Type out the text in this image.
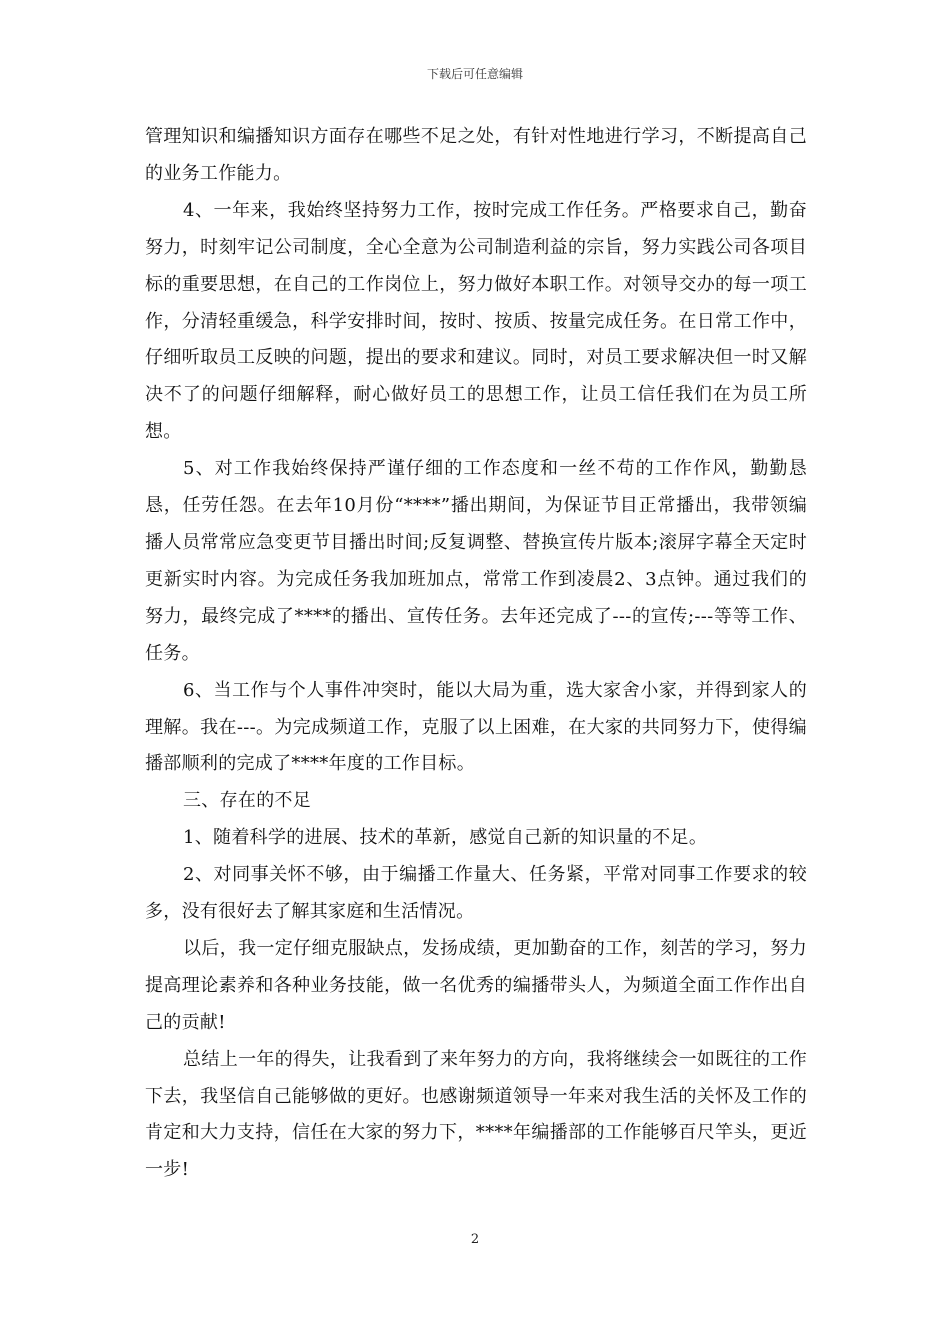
下载后可任意编辑

管理知识和编播知识方面存在哪些不足之处，有针对性地进行学习，不断提高自己的业务工作能力。

4、一年来，我始终坚持努力工作，按时完成工作任务。严格要求自己，勤奋努力，时刻牢记公司制度，全心全意为公司制造利益的宗旨，努力实践公司各项目标的重要思想，在自己的工作岗位上，努力做好本职工作。对领导交办的每一项工作，分清轻重缓急，科学安排时间，按时、按质、按量完成任务。在日常工作中，仔细听取员工反映的问题，提出的要求和建议。同时，对员工要求解决但一时又解决不了的问题仔细解释，耐心做好员工的思想工作，让员工信任我们在为员工所想。

5、对工作我始终保持严谨仔细的工作态度和一丝不苟的工作作风，勤勤恳恳，任劳任怨。在去年10月份“****”播出期间，为保证节目正常播出，我带领编播人员常常应急变更节目播出时间;反复调整、替换宣传片版本;滚屏字幕全天定时更新实时内容。为完成任务我加班加点，常常工作到凌晨2、3点钟。通过我们的努力，最终完成了****的播出、宣传任务。去年还完成了---的宣传;---等等工作、任务。

6、当工作与个人事件冲突时，能以大局为重，选大家舍小家，并得到家人的理解。我在---。为完成频道工作，克服了以上困难，在大家的共同努力下，使得编播部顺利的完成了****年度的工作目标。

三、存在的不足

1、随着科学的进展、技术的革新，感觉自己新的知识量的不足。

2、对同事关怀不够，由于编播工作量大、任务紧，平常对同事工作要求的较多，没有很好去了解其家庭和生活情况。

以后，我一定仔细克服缺点，发扬成绩，更加勤奋的工作，刻苦的学习，努力提高理论素养和各种业务技能，做一名优秀的编播带头人，为频道全面工作作出自己的贡献!

总结上一年的得失，让我看到了来年努力的方向，我将继续会一如既往的工作下去，我坚信自己能够做的更好。也感谢频道领导一年来对我生活的关怀及工作的肯定和大力支持，信任在大家的努力下，****年编播部的工作能够百尺竿头，更近一步!

2
